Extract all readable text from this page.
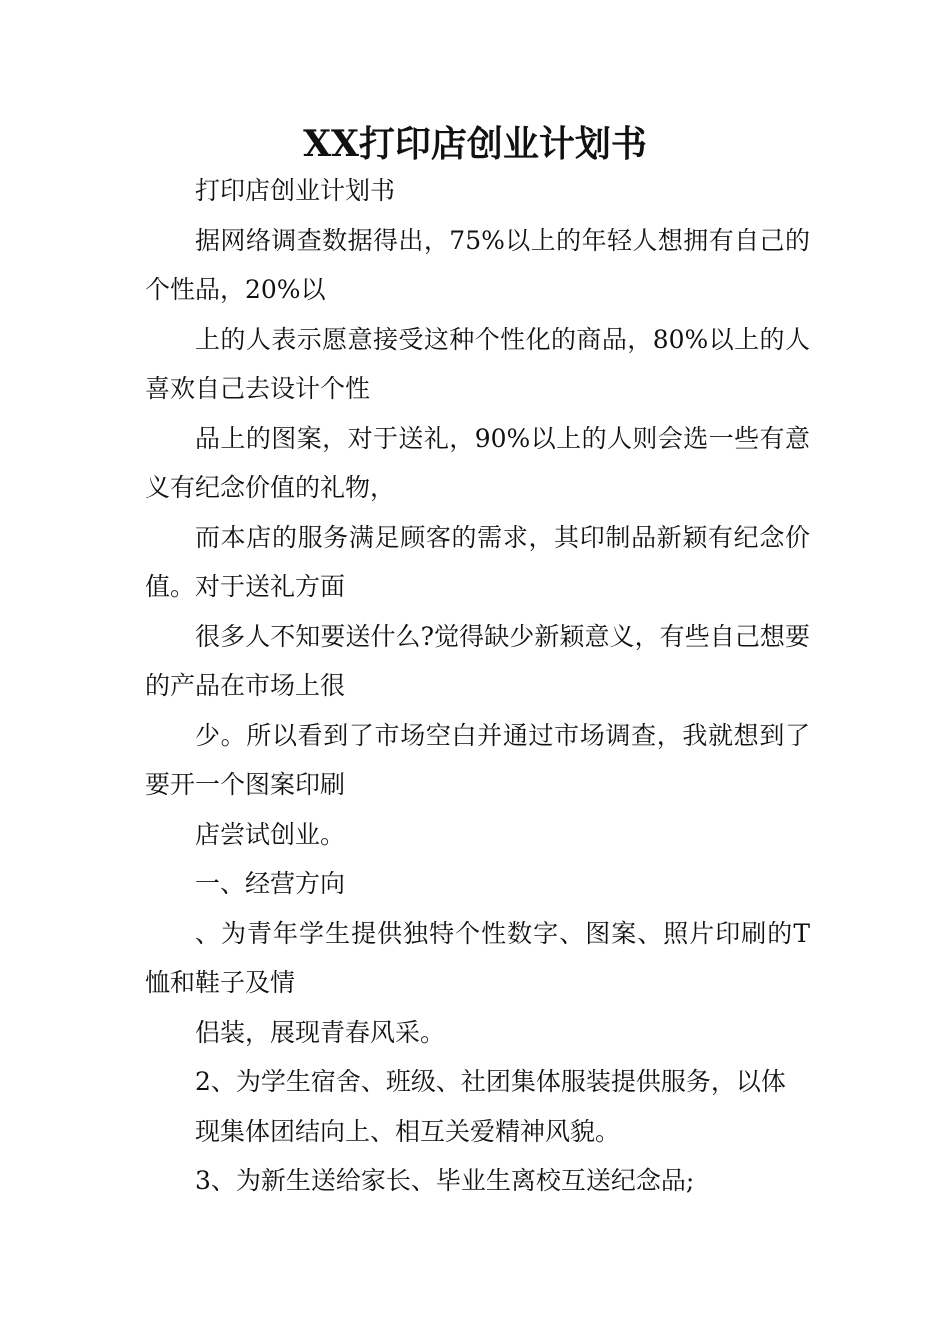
XX打印店创业计划书

打印店创业计划书

据网络调查数据得出，75%以上的年轻人想拥有自己的个性品，20%以

上的人表示愿意接受这种个性化的商品，80%以上的人喜欢自己去设计个性

品上的图案，对于送礼，90%以上的人则会选一些有意义有纪念价值的礼物，

而本店的服务满足顾客的需求，其印制品新颖有纪念价值。对于送礼方面

很多人不知要送什么?觉得缺少新颖意义，有些自己想要的产品在市场上很

少。所以看到了市场空白并通过市场调查，我就想到了要开一个图案印刷

店尝试创业。

一、经营方向

、为青年学生提供独特个性数字、图案、照片印刷的T恤和鞋子及情

侣装，展现青春风采。

2、为学生宿舍、班级、社团集体服装提供服务，以体

现集体团结向上、相互关爱精神风貌。

3、为新生送给家长、毕业生离校互送纪念品;
